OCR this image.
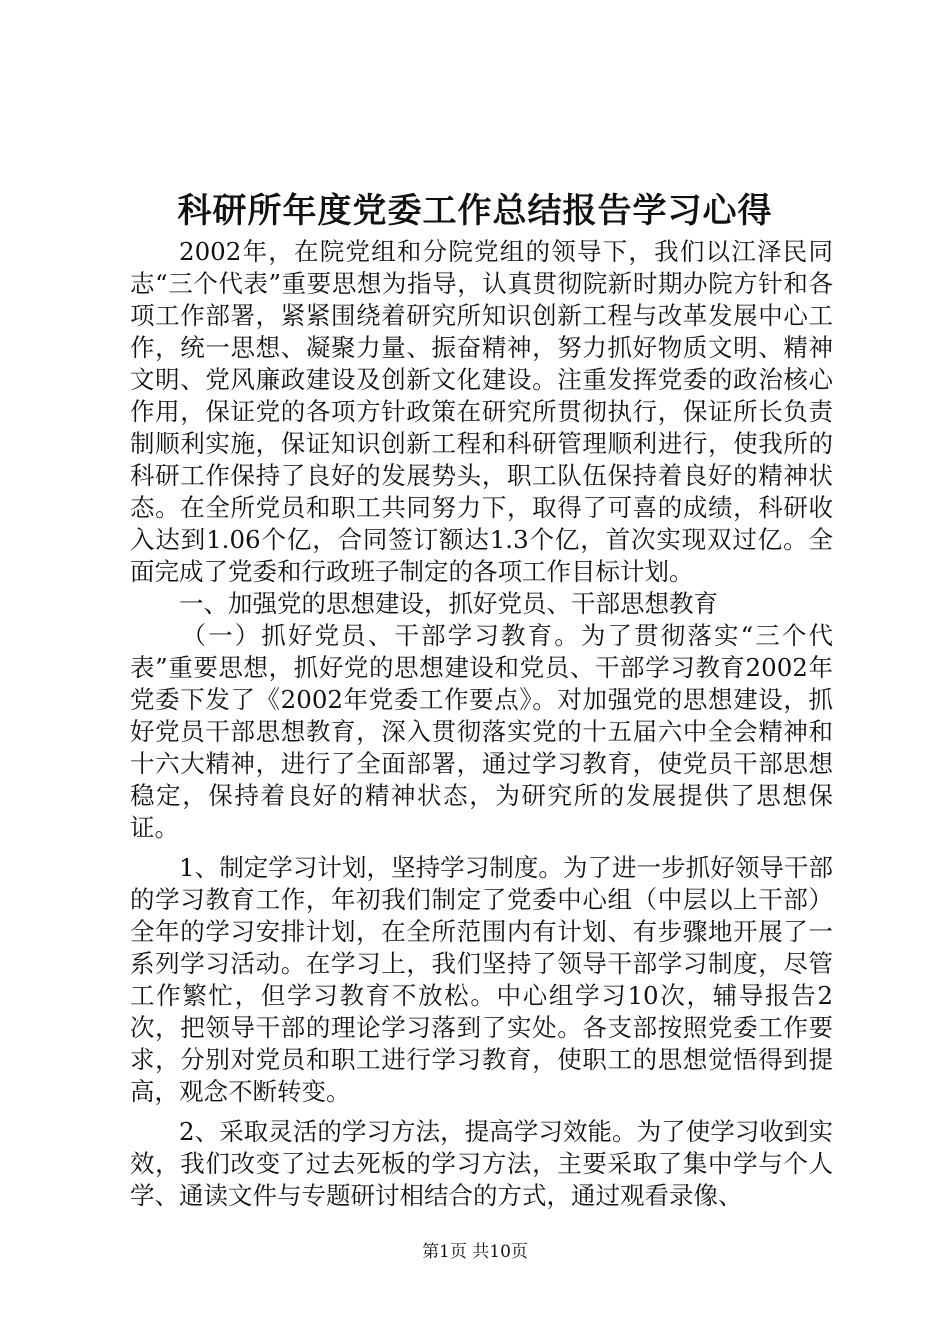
科研所年度党委工作总结报告学习心得

2002年，在院党组和分院党组的领导下，我们以江泽民同志“三个代表”重要思想为指导，认真贯彻院新时期办院方针和各项工作部署，紧紧围绕着研究所知识创新工程与改革发展中心工作，统一思想、凝聚力量、振奋精神，努力抓好物质文明、精神文明、党风廉政建设及创新文化建设。注重发挥党委的政治核心作用，保证党的各项方针政策在研究所贯彻执行，保证所长负责制顺利实施，保证知识创新工程和科研管理顺利进行，使我所的科研工作保持了良好的发展势头，职工队伍保持着良好的精神状态。在全所党员和职工共同努力下，取得了可喜的成绩，科研收入达到1.06个亿，合同签订额达1.3个亿，首次实现双过亿。全面完成了党委和行政班子制定的各项工作目标计划。

一、加强党的思想建设，抓好党员、干部思想教育

（一）抓好党员、干部学习教育。为了贯彻落实“三个代表”重要思想，抓好党的思想建设和党员、干部学习教育2002年党委下发了《2002年党委工作要点》。对加强党的思想建设，抓好党员干部思想教育，深入贯彻落实党的十五届六中全会精神和十六大精神，进行了全面部署，通过学习教育，使党员干部思想稳定，保持着良好的精神状态，为研究所的发展提供了思想保证。

1、制定学习计划，坚持学习制度。为了进一步抓好领导干部的学习教育工作，年初我们制定了党委中心组（中层以上干部）全年的学习安排计划，在全所范围内有计划、有步骤地开展了一系列学习活动。在学习上，我们坚持了领导干部学习制度，尽管工作繁忙，但学习教育不放松。中心组学习10次，辅导报告2次，把领导干部的理论学习落到了实处。各支部按照党委工作要求，分别对党员和职工进行学习教育，使职工的思想觉悟得到提高，观念不断转变。

2、采取灵活的学习方法，提高学习效能。为了使学习收到实效，我们改变了过去死板的学习方法，主要采取了集中学与个人学、通读文件与专题研讨相结合的方式，通过观看录像、

第1页 共10页
